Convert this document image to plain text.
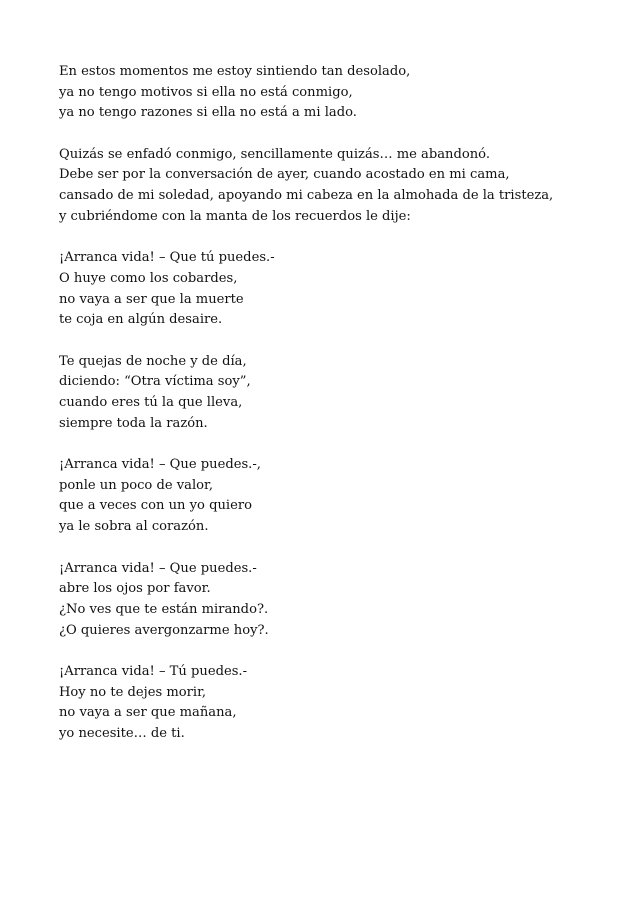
En estos momentos me estoy sintiendo tan desolado,
ya no tengo motivos si ella no está conmigo,
ya no tengo razones si ella no está a mi lado.
Quizás se enfadó conmigo, sencillamente quizás… me abandonó.
Debe ser por la conversación de ayer, cuando acostado en mi cama,
cansado de mi soledad, apoyando mi cabeza en la almohada de la tristeza,
y cubriéndome con la manta de los recuerdos le dije:
¡Arranca vida! – Que tú puedes.-
O huye como los cobardes,
no vaya a ser que la muerte
te coja en algún desaire.
Te quejas de noche y de día,
diciendo: “Otra víctima soy”,
cuando eres tú la que lleva,
siempre toda la razón.
¡Arranca vida! – Que puedes.-,
ponle un poco de valor,
que a veces con un yo quiero
ya le sobra al corazón.
¡Arranca vida! – Que puedes.-
abre los ojos por favor.
¿No ves que te están mirando?.
¿O quieres avergonzarme hoy?.
¡Arranca vida! – Tú puedes.-
Hoy no te dejes morir,
no vaya a ser que mañana,
yo necesite… de ti.
